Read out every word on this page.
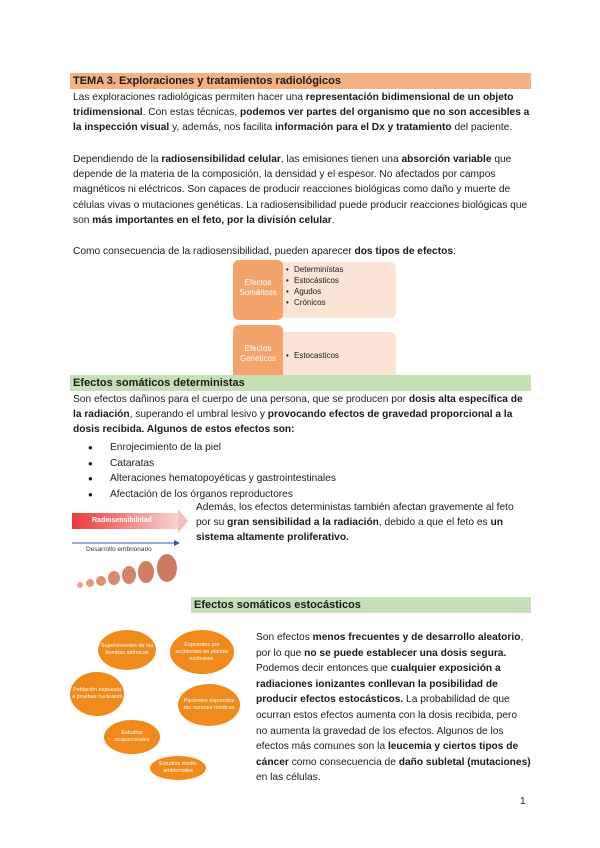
TEMA 3. Exploraciones y tratamientos radiológicos

Las exploraciones radiológicas permiten hacer una representación bidimensional de un objeto tridimensional. Con estas técnicas, podemos ver partes del organismo que no son accesibles a la inspección visual y, además, nos facilita información para el Dx y tratamiento del paciente.

Dependiendo de la radiosensibilidad celular, las emisiones tienen una absorción variable que depende de la materia de la composición, la densidad y el espesor. No afectados por campos magnéticos ni eléctricos. Son capaces de producir reacciones biológicas como daño y muerte de células vivas o mutaciones genéticas. La radiosensibilidad puede producir reacciones biológicas que son más importantes en el feto, por la división celular.

Como consecuencia de la radiosensibilidad, pueden aparecer dos tipos de efectos:

Efectos Somáticos
• Determinístas
• Estocásticos
• Agudos
• Crónicos
Efectos Genéticos
•	Estocasticos
Efectos somáticos deterministas

Son efectos dañinos para el cuerpo de una persona, que se producen por dosis alta específica de la radiación, superando el umbral lesivo y provocando efectos de gravedad proporcional a la dosis recibida. Algunos de estos efectos son:

● Enrojecimiento de la piel
● Cataratas
● Alteraciones hematopoyéticas y gastrointestinales
● Afectación de los órganos reproductores
Radiosensibilidad
Desarrollo embrionario

Además, los efectos deterministas también afectan gravemente al feto por su gran sensibilidad a la radiación, debido a que el feto es un sistema altamente proliferativo.

Efectos somáticos estocásticos
Supervivientes de las bombas atómicas
Expuestos por accidentes en plantas nucleares.
Población expuesta a pruebas nucleares
Pacientes expuestos por razones medicas
Estudios ocupacionales
Estudios medio ambientales

Son efectos menos frecuentes y de desarrollo aleatorio, por lo que no se puede establecer una dosis segura. Podemos decir entonces que cualquier exposición a radiaciones ionizantes conllevan la posibilidad de producir efectos estocásticos. La probabilidad de que ocurran estos efectos aumenta con la dosis recibida, pero no aumenta la gravedad de los efectos. Algunos de los efectos más comunes son la leucemia y ciertos tipos de cáncer como consecuencia de daño subletal (mutaciones) en las células.

1
